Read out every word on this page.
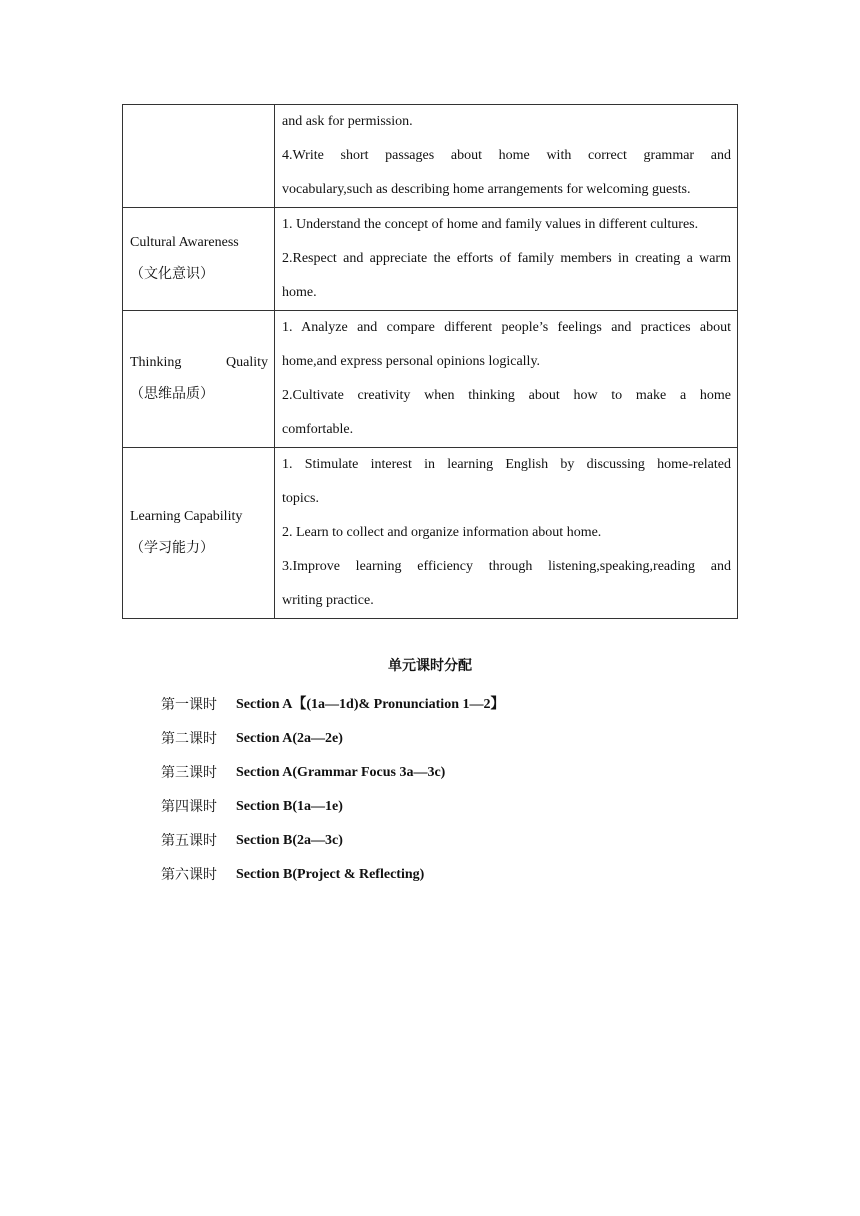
	and ask for permission.
4.Write short passages about home with correct grammar and
vocabulary,such as describing home arrangements for welcoming guests.

Cultural Awareness
（文化意识）	1. Understand the concept of home and family values in different cultures.
2.Respect and appreciate the efforts of family members in creating a warm
home.

Thinking Quality
（思维品质）	1. Analyze and compare different people’s feelings and practices about
home,and express personal opinions logically.
2.Cultivate creativity when thinking about how to make a home
comfortable.

Learning Capability
（学习能力）	1. Stimulate interest in learning English by discussing home-related
topics.
2. Learn to collect and organize information about home.
3.Improve learning efficiency through listening,speaking,reading and
writing practice.
单元课时分配
第一课时	Section A【(1a—1d)& Pronunciation 1—2】
第二课时	Section A(2a—2e)
第三课时	Section A(Grammar Focus 3a—3c)
第四课时	Section B(1a—1e)
第五课时	Section B(2a—3c)
第六课时	Section B(Project & Reflecting)
